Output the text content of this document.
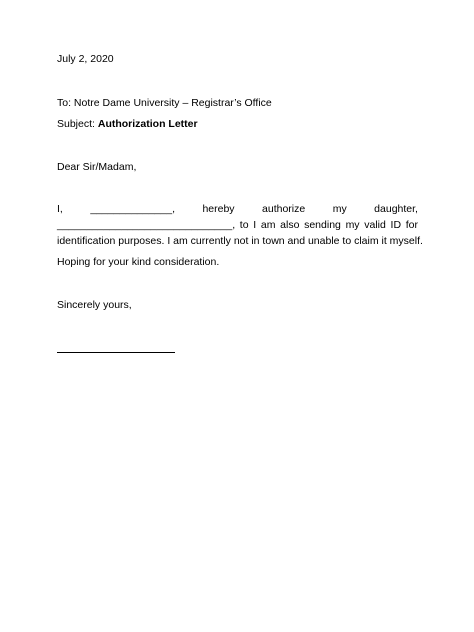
July 2, 2020
To: Notre Dame University – Registrar’s Office
Subject: Authorization Letter
Dear Sir/Madam,
I,	______________,	hereby	authorize	my	daughter,
______________________________, to I am also sending my valid ID for
identification purposes. I am currently not in town and unable to claim it myself.
Hoping for your kind consideration.
Sincerely yours,
